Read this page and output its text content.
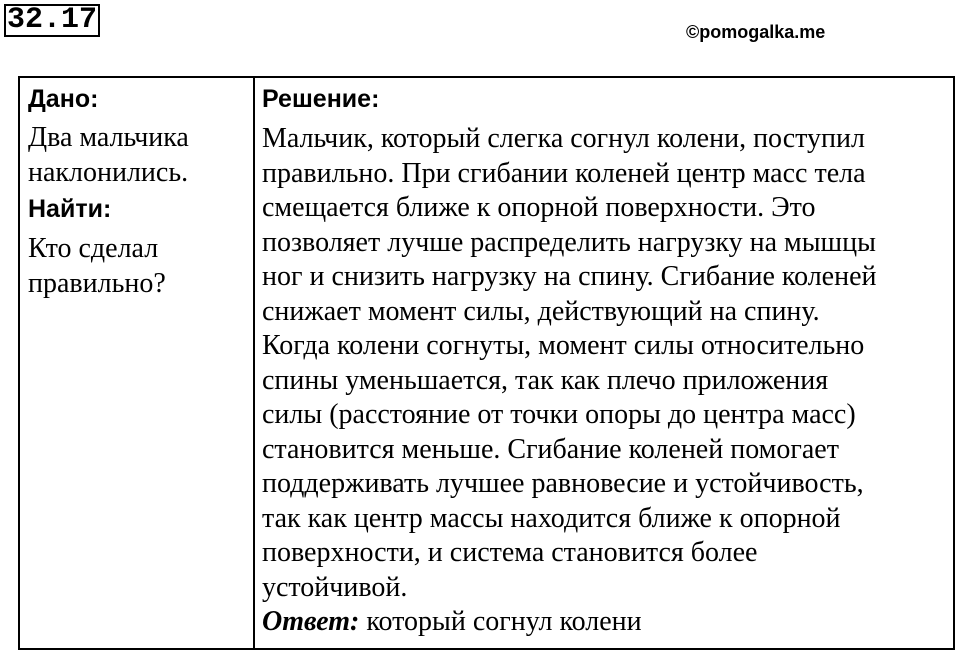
32.17	©pomogalka.me

Дано:

Два мальчика
наклонились.

Найти:

Кто сделал
правильно?

Решение:

Мальчик, который слегка согнул колени, поступил
правильно. При сгибании коленей центр масс тела
смещается ближе к опорной поверхности. Это
позволяет лучше распределить нагрузку на мышцы
ног и снизить нагрузку на спину. Сгибание коленей
снижает момент силы, действующий на спину.
Когда колени согнуты, момент силы относительно
спины уменьшается, так как плечо приложения
силы (расстояние от точки опоры до центра масс)
становится меньше. Сгибание коленей помогает
поддерживать лучшее равновесие и устойчивость,
так как центр массы находится ближе к опорной
поверхности, и система становится более
устойчивой.

Ответ: который согнул колени
